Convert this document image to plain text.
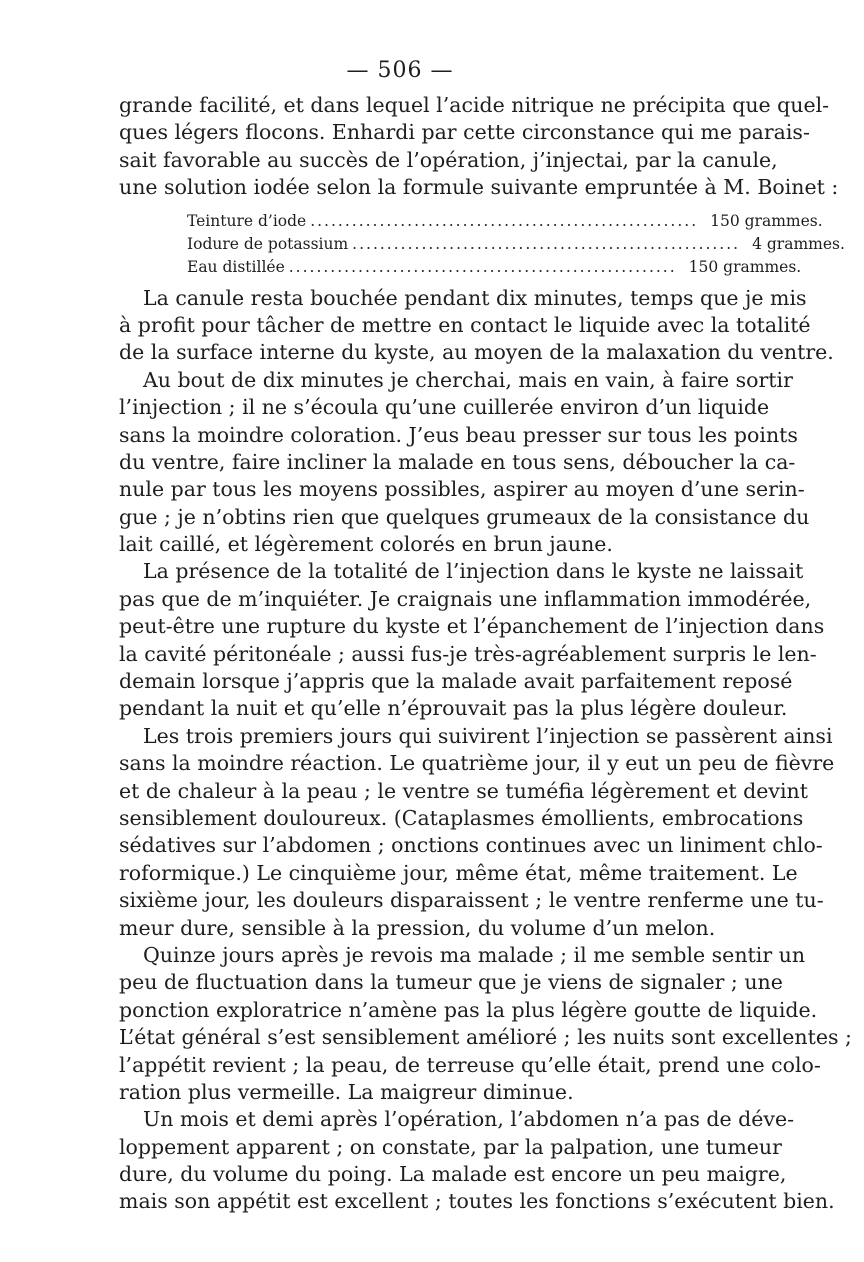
— 506 —
grande facilité, et dans lequel l’acide nitrique ne précipita que quel-
ques légers flocons. Enhardi par cette circonstance qui me parais-
sait favorable au succès de l’opération, j’injectai, par la canule,
une solution iodée selon la formule suivante empruntée à M. Boinet :
Teinture d’iode ........................................................ 150 grammes.
Iodure de potassium ........................................................ 4 grammes.
Eau distillée ........................................................ 150 grammes.
La canule resta bouchée pendant dix minutes, temps que je mis
à profit pour tâcher de mettre en contact le liquide avec la totalité
de la surface interne du kyste, au moyen de la malaxation du ventre.
Au bout de dix minutes je cherchai, mais en vain, à faire sortir
l’injection ; il ne s’écoula qu’une cuillerée environ d’un liquide
sans la moindre coloration. J’eus beau presser sur tous les points
du ventre, faire incliner la malade en tous sens, déboucher la ca-
nule par tous les moyens possibles, aspirer au moyen d’une serin-
gue ; je n’obtins rien que quelques grumeaux de la consistance du
lait caillé, et légèrement colorés en brun jaune.
La présence de la totalité de l’injection dans le kyste ne laissait
pas que de m’inquiéter. Je craignais une inflammation immodérée,
peut-être une rupture du kyste et l’épanchement de l’injection dans
la cavité péritonéale ; aussi fus-je très-agréablement surpris le len-
demain lorsque j’appris que la malade avait parfaitement reposé
pendant la nuit et qu’elle n’éprouvait pas la plus légère douleur.
Les trois premiers jours qui suivirent l’injection se passèrent ainsi
sans la moindre réaction. Le quatrième jour, il y eut un peu de fièvre
et de chaleur à la peau ; le ventre se tuméfia légèrement et devint
sensiblement douloureux. (Cataplasmes émollients, embrocations
sédatives sur l’abdomen ; onctions continues avec un liniment chlo-
roformique.) Le cinquième jour, même état, même traitement. Le
sixième jour, les douleurs disparaissent ; le ventre renferme une tu-
meur dure, sensible à la pression, du volume d’un melon.
Quinze jours après je revois ma malade ; il me semble sentir un
peu de fluctuation dans la tumeur que je viens de signaler ; une
ponction exploratrice n’amène pas la plus légère goutte de liquide.
L’état général s’est sensiblement amélioré ; les nuits sont excellentes ;
l’appétit revient ; la peau, de terreuse qu’elle était, prend une colo-
ration plus vermeille. La maigreur diminue.
Un mois et demi après l’opération, l’abdomen n’a pas de déve-
loppement apparent ; on constate, par la palpation, une tumeur
dure, du volume du poing. La malade est encore un peu maigre,
mais son appétit est excellent ; toutes les fonctions s’exécutent bien.
